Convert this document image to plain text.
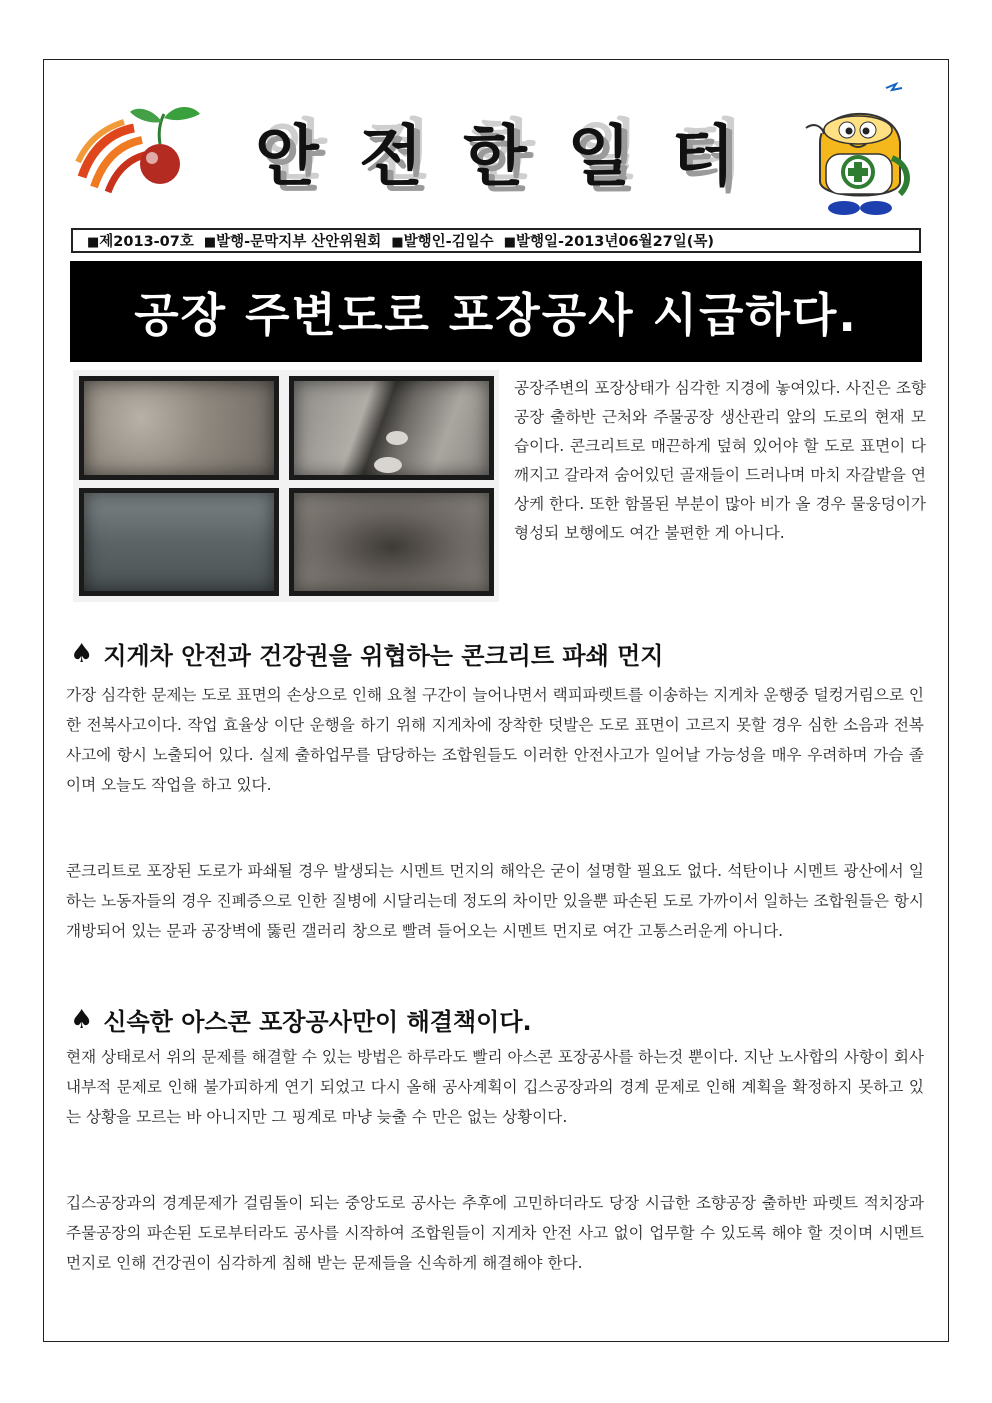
안 전 한 일 터
■제2013-07호 ■발행-문막지부 산안위원회 ■발행인-김일수 ■발행일-2013년06월27일(목)
공장 주변도로 포장공사 시급하다.

공장주변의 포장상태가 심각한 지경에 놓여있다. 사진은 조향공장 출하반 근처와 주물공장 생산관리 앞의 도로의 현재 모습이다. 콘크리트로 매끈하게 덮혀 있어야 할 도로 표면이 다 깨지고 갈라져 숨어있던 골재들이 드러나며 마치 자갈밭을 연상케 한다. 또한 함몰된 부분이 많아 비가 올 경우 물웅덩이가 형성되 보행에도 여간 불편한 게 아니다.

♠ 지게차 안전과 건강권을 위협하는 콘크리트 파쇄 먼지

가장 심각한 문제는 도로 표면의 손상으로 인해 요철 구간이 늘어나면서 랙피파렛트를 이송하는 지게차 운행중 덜컹거림으로 인한 전복사고이다. 작업 효율상 이단 운행을 하기 위해 지게차에 장착한 덧발은 도로 표면이 고르지 못할 경우 심한 소음과 전복사고에 항시 노출되어 있다. 실제 출하업무를 담당하는 조합원들도 이러한 안전사고가 일어날 가능성을 매우 우려하며 가슴 졸이며 오늘도 작업을 하고 있다.

콘크리트로 포장된 도로가 파쇄될 경우 발생되는 시멘트 먼지의 해악은 굳이 설명할 필요도 없다. 석탄이나 시멘트 광산에서 일하는 노동자들의 경우 진폐증으로 인한 질병에 시달리는데 정도의 차이만 있을뿐 파손된 도로 가까이서 일하는 조합원들은 항시 개방되어 있는 문과 공장벽에 뚫린 갤러리 창으로 빨려 들어오는 시멘트 먼지로 여간 고통스러운게 아니다.

♠ 신속한 아스콘 포장공사만이 해결책이다.

현재 상태로서 위의 문제를 해결할 수 있는 방법은 하루라도 빨리 아스콘 포장공사를 하는것 뿐이다. 지난 노사합의 사항이 회사 내부적 문제로 인해 불가피하게 연기 되었고 다시 올해 공사계획이 깁스공장과의 경계 문제로 인해 계획을 확정하지 못하고 있는 상황을 모르는 바 아니지만 그 핑계로 마냥 늦출 수 만은 없는 상황이다.

깁스공장과의 경계문제가 걸림돌이 되는 중앙도로 공사는 추후에 고민하더라도 당장 시급한 조향공장 출하반 파렛트 적치장과 주물공장의 파손된 도로부터라도 공사를 시작하여 조합원들이 지게차 안전 사고 없이 업무할 수 있도록 해야 할 것이며 시멘트 먼지로 인해 건강권이 심각하게 침해 받는 문제들을 신속하게 해결해야 한다.
